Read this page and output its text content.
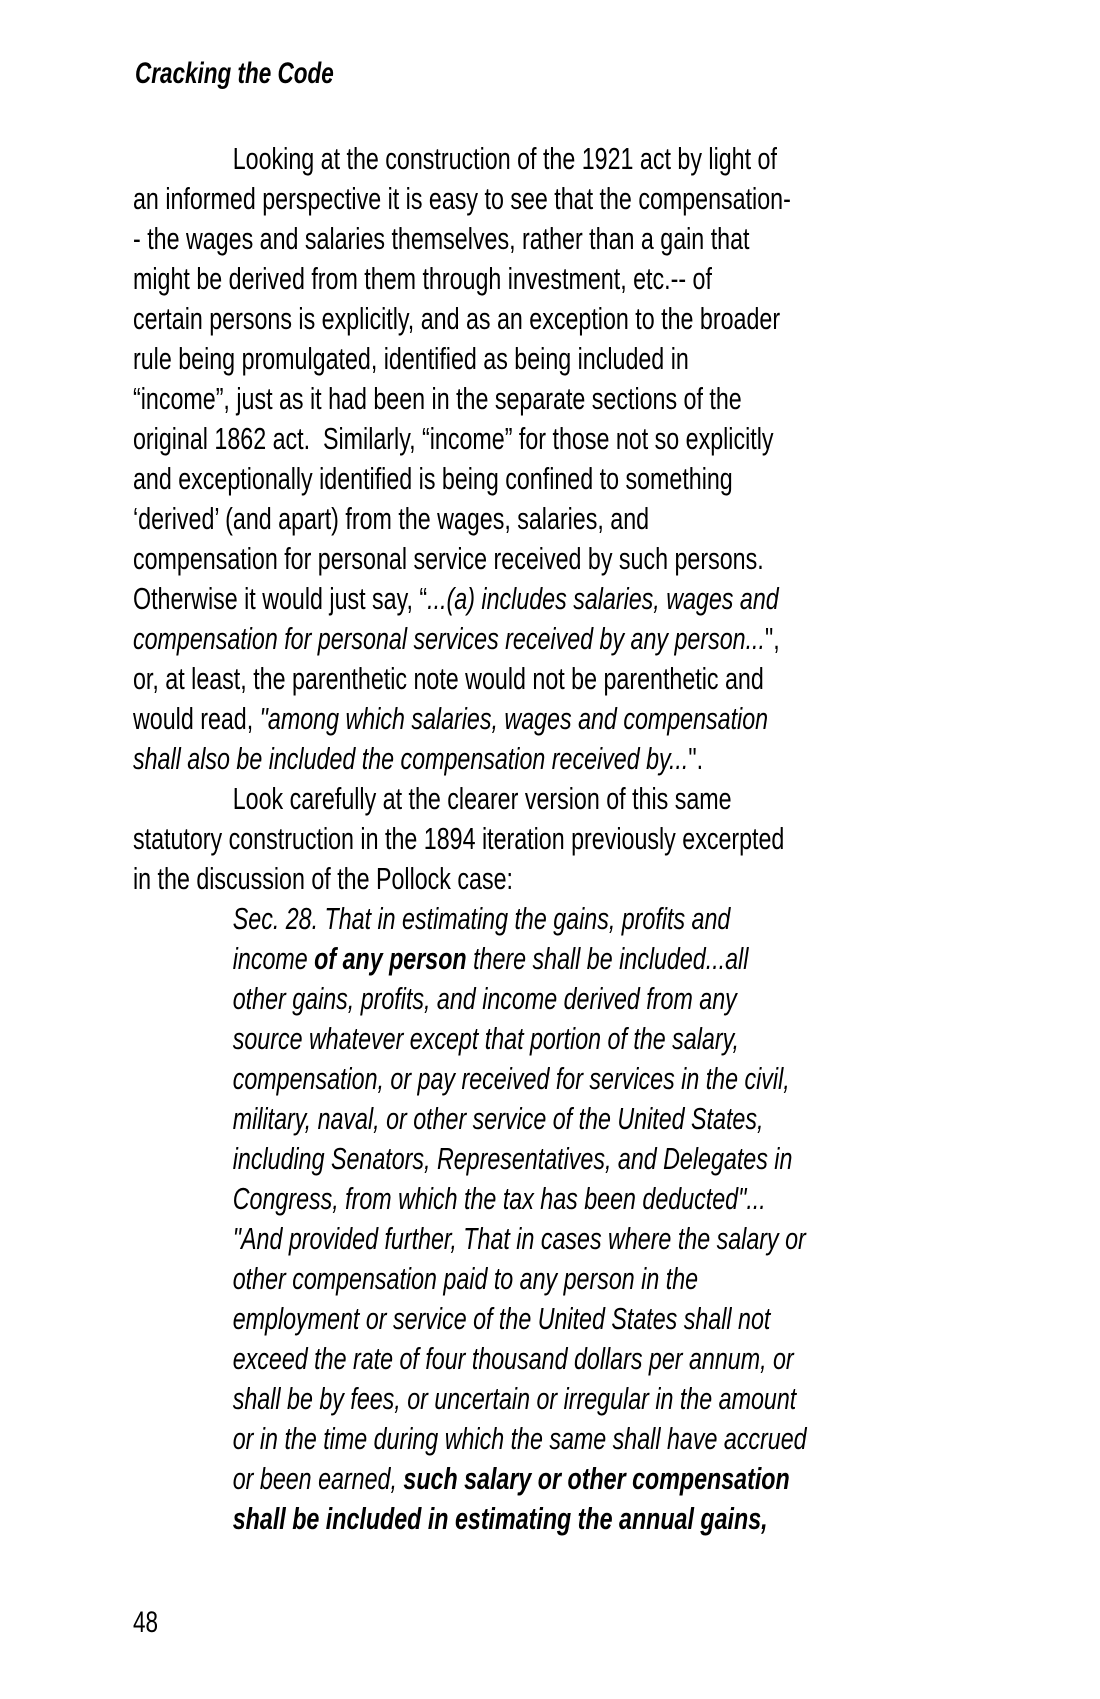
Cracking the Code
Looking at the construction of the 1921 act by light of
an informed perspective it is easy to see that the compensation-
- the wages and salaries themselves, rather than a gain that
might be derived from them through investment, etc.-- of
certain persons is explicitly, and as an exception to the broader
rule being promulgated, identified as being included in
“income”, just as it had been in the separate sections of the
original 1862 act.  Similarly, “income” for those not so explicitly
and exceptionally identified is being confined to something
‘derived’ (and apart) from the wages, salaries, and
compensation for personal service received by such persons.
Otherwise it would just say, “...(a) includes salaries, wages and
compensation for personal services received by any person...",
or, at least, the parenthetic note would not be parenthetic and
would read, "among which salaries, wages and compensation
shall also be included the compensation received by...".
Look carefully at the clearer version of this same
statutory construction in the 1894 iteration previously excerpted
in the discussion of the Pollock case:
Sec. 28. That in estimating the gains, profits and
income of any person there shall be included...all
other gains, profits, and income derived from any
source whatever except that portion of the salary,
compensation, or pay received for services in the civil,
military, naval, or other service of the United States,
including Senators, Representatives, and Delegates in
Congress, from which the tax has been deducted"...
"And provided further, That in cases where the salary or
other compensation paid to any person in the
employment or service of the United States shall not
exceed the rate of four thousand dollars per annum, or
shall be by fees, or uncertain or irregular in the amount
or in the time during which the same shall have accrued
or been earned, such salary or other compensation
shall be included in estimating the annual gains,
48
